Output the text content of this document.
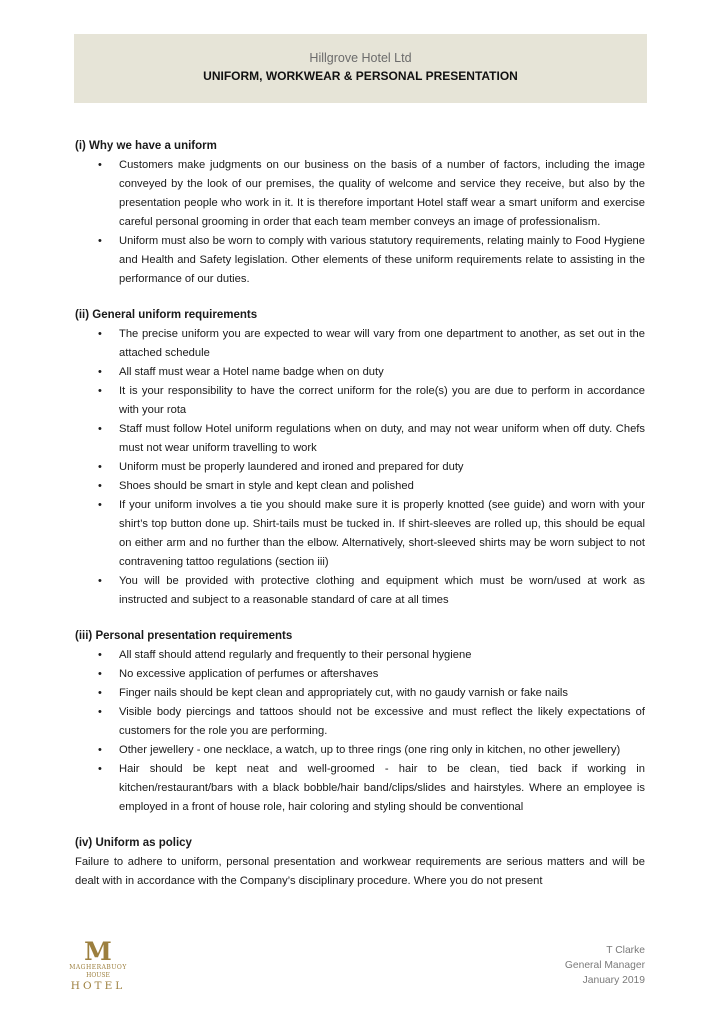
Hillgrove Hotel Ltd
UNIFORM, WORKWEAR & PERSONAL PRESENTATION
(i) Why we have a uniform
• Customers make judgments on our business on the basis of a number of factors, including the image conveyed by the look of our premises, the quality of welcome and service they receive, but also by the presentation people who work in it. It is therefore important Hotel staff wear a smart uniform and exercise careful personal grooming in order that each team member conveys an image of professionalism.
• Uniform must also be worn to comply with various statutory requirements, relating mainly to Food Hygiene and Health and Safety legislation. Other elements of these uniform requirements relate to assisting in the performance of our duties.
(ii) General uniform requirements
• The precise uniform you are expected to wear will vary from one department to another, as set out in the attached schedule
• All staff must wear a Hotel name badge when on duty
• It is your responsibility to have the correct uniform for the role(s) you are due to perform in accordance with your rota
• Staff must follow Hotel uniform regulations when on duty, and may not wear uniform when off duty. Chefs must not wear uniform travelling to work
• Uniform must be properly laundered and ironed and prepared for duty
• Shoes should be smart in style and kept clean and polished
• If your uniform involves a tie you should make sure it is properly knotted (see guide) and worn with your shirt’s top button done up. Shirt-tails must be tucked in. If shirt-sleeves are rolled up, this should be equal on either arm and no further than the elbow. Alternatively, short-sleeved shirts may be worn subject to not contravening tattoo regulations (section iii)
• You will be provided with protective clothing and equipment which must be worn/used at work as instructed and subject to a reasonable standard of care at all times
(iii) Personal presentation requirements
• All staff should attend regularly and frequently to their personal hygiene
• No excessive application of perfumes or aftershaves
• Finger nails should be kept clean and appropriately cut, with no gaudy varnish or fake nails
• Visible body piercings and tattoos should not be excessive and must reflect the likely expectations of customers for the role you are performing.
• Other jewellery - one necklace, a watch, up to three rings (one ring only in kitchen, no other jewellery)
• Hair should be kept neat and well-groomed - hair to be clean, tied back if working in kitchen/restaurant/bars with a black bobble/hair band/clips/slides and hairstyles. Where an employee is employed in a front of house role, hair coloring and styling should be conventional
(iv) Uniform as policy
Failure to adhere to uniform, personal presentation and workwear requirements are serious matters and will be dealt with in accordance with the Company’s disciplinary procedure. Where you do not present
M
MAGHERABUOY
HOUSE
HOTEL
T Clarke
General Manager
January 2019
